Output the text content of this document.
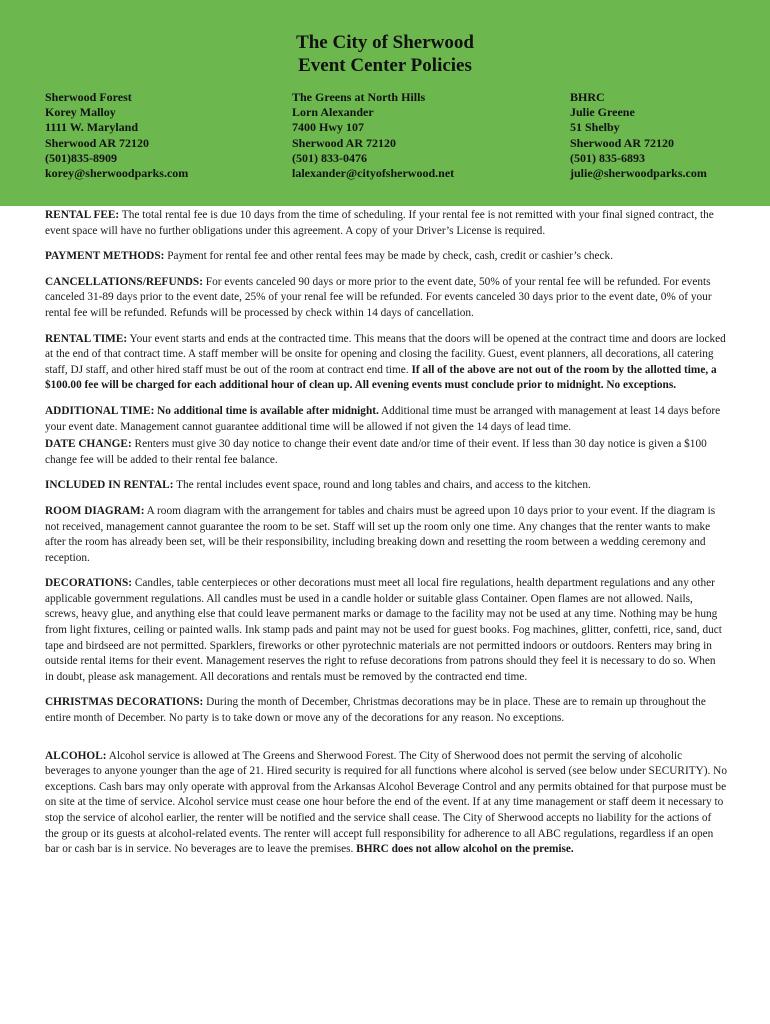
The City of Sherwood
Event Center Policies
Sherwood Forest
Korey Malloy
1111 W. Maryland
Sherwood AR 72120
(501)835-8909
korey@sherwoodparks.com
The Greens at North Hills
Lorn Alexander
7400 Hwy 107
Sherwood AR 72120
(501) 833-0476
lalexander@cityofsherwood.net
BHRC
Julie Greene
51 Shelby
Sherwood AR 72120
(501) 835-6893
julie@sherwoodparks.com

RENTAL FEE: The total rental fee is due 10 days from the time of scheduling. If your rental fee is not remitted with your final signed contract, the event space will have no further obligations under this agreement. A copy of your Driver’s License is required.

PAYMENT METHODS: Payment for rental fee and other rental fees may be made by check, cash, credit or cashier’s check.

CANCELLATIONS/REFUNDS: For events canceled 90 days or more prior to the event date, 50% of your rental fee will be refunded. For events canceled 31-89 days prior to the event date, 25% of your renal fee will be refunded. For events canceled 30 days prior to the event date, 0% of your rental fee will be refunded. Refunds will be processed by check within 14 days of cancellation.

RENTAL TIME: Your event starts and ends at the contracted time. This means that the doors will be opened at the contract time and doors are locked at the end of that contract time. A staff member will be onsite for opening and closing the facility. Guest, event planners, all decorations, all catering staff, DJ staff, and other hired staff must be out of the room at contract end time. If all of the above are not out of the room by the allotted time, a $100.00 fee will be charged for each additional hour of clean up. All evening events must conclude prior to midnight. No exceptions.

ADDITIONAL TIME: No additional time is available after midnight. Additional time must be arranged with management at least 14 days before your event date. Management cannot guarantee additional time will be allowed if not given the 14 days of lead time.

DATE CHANGE: Renters must give 30 day notice to change their event date and/or time of their event. If less than 30 day notice is given a $100 change fee will be added to their rental fee balance.

INCLUDED IN RENTAL: The rental includes event space, round and long tables and chairs, and access to the kitchen.

ROOM DIAGRAM: A room diagram with the arrangement for tables and chairs must be agreed upon 10 days prior to your event. If the diagram is not received, management cannot guarantee the room to be set. Staff will set up the room only one time. Any changes that the renter wants to make after the room has already been set, will be their responsibility, including breaking down and resetting the room between a wedding ceremony and reception.

DECORATIONS: Candles, table centerpieces or other decorations must meet all local fire regulations, health department regulations and any other applicable government regulations. All candles must be used in a candle holder or suitable glass Container. Open flames are not allowed. Nails, screws, heavy glue, and anything else that could leave permanent marks or damage to the facility may not be used at any time. Nothing may be hung from light fixtures, ceiling or painted walls. Ink stamp pads and paint may not be used for guest books. Fog machines, glitter, confetti, rice, sand, duct tape and birdseed are not permitted. Sparklers, fireworks or other pyrotechnic materials are not permitted indoors or outdoors. Renters may bring in outside rental items for their event. Management reserves the right to refuse decorations from patrons should they feel it is necessary to do so. When in doubt, please ask management. All decorations and rentals must be removed by the contracted end time.

CHRISTMAS DECORATIONS: During the month of December, Christmas decorations may be in place. These are to remain up throughout the entire month of December. No party is to take down or move any of the decorations for any reason. No exceptions.

ALCOHOL: Alcohol service is allowed at The Greens and Sherwood Forest. The City of Sherwood does not permit the serving of alcoholic beverages to anyone younger than the age of 21. Hired security is required for all functions where alcohol is served (see below under SECURITY). No exceptions. Cash bars may only operate with approval from the Arkansas Alcohol Beverage Control and any permits obtained for that purpose must be on site at the time of service. Alcohol service must cease one hour before the end of the event. If at any time management or staff deem it necessary to stop the service of alcohol earlier, the renter will be notified and the service shall cease. The City of Sherwood accepts no liability for the actions of the group or its guests at alcohol-related events. The renter will accept full responsibility for adherence to all ABC regulations, regardless if an open bar or cash bar is in service. No beverages are to leave the premises. BHRC does not allow alcohol on the premise.
